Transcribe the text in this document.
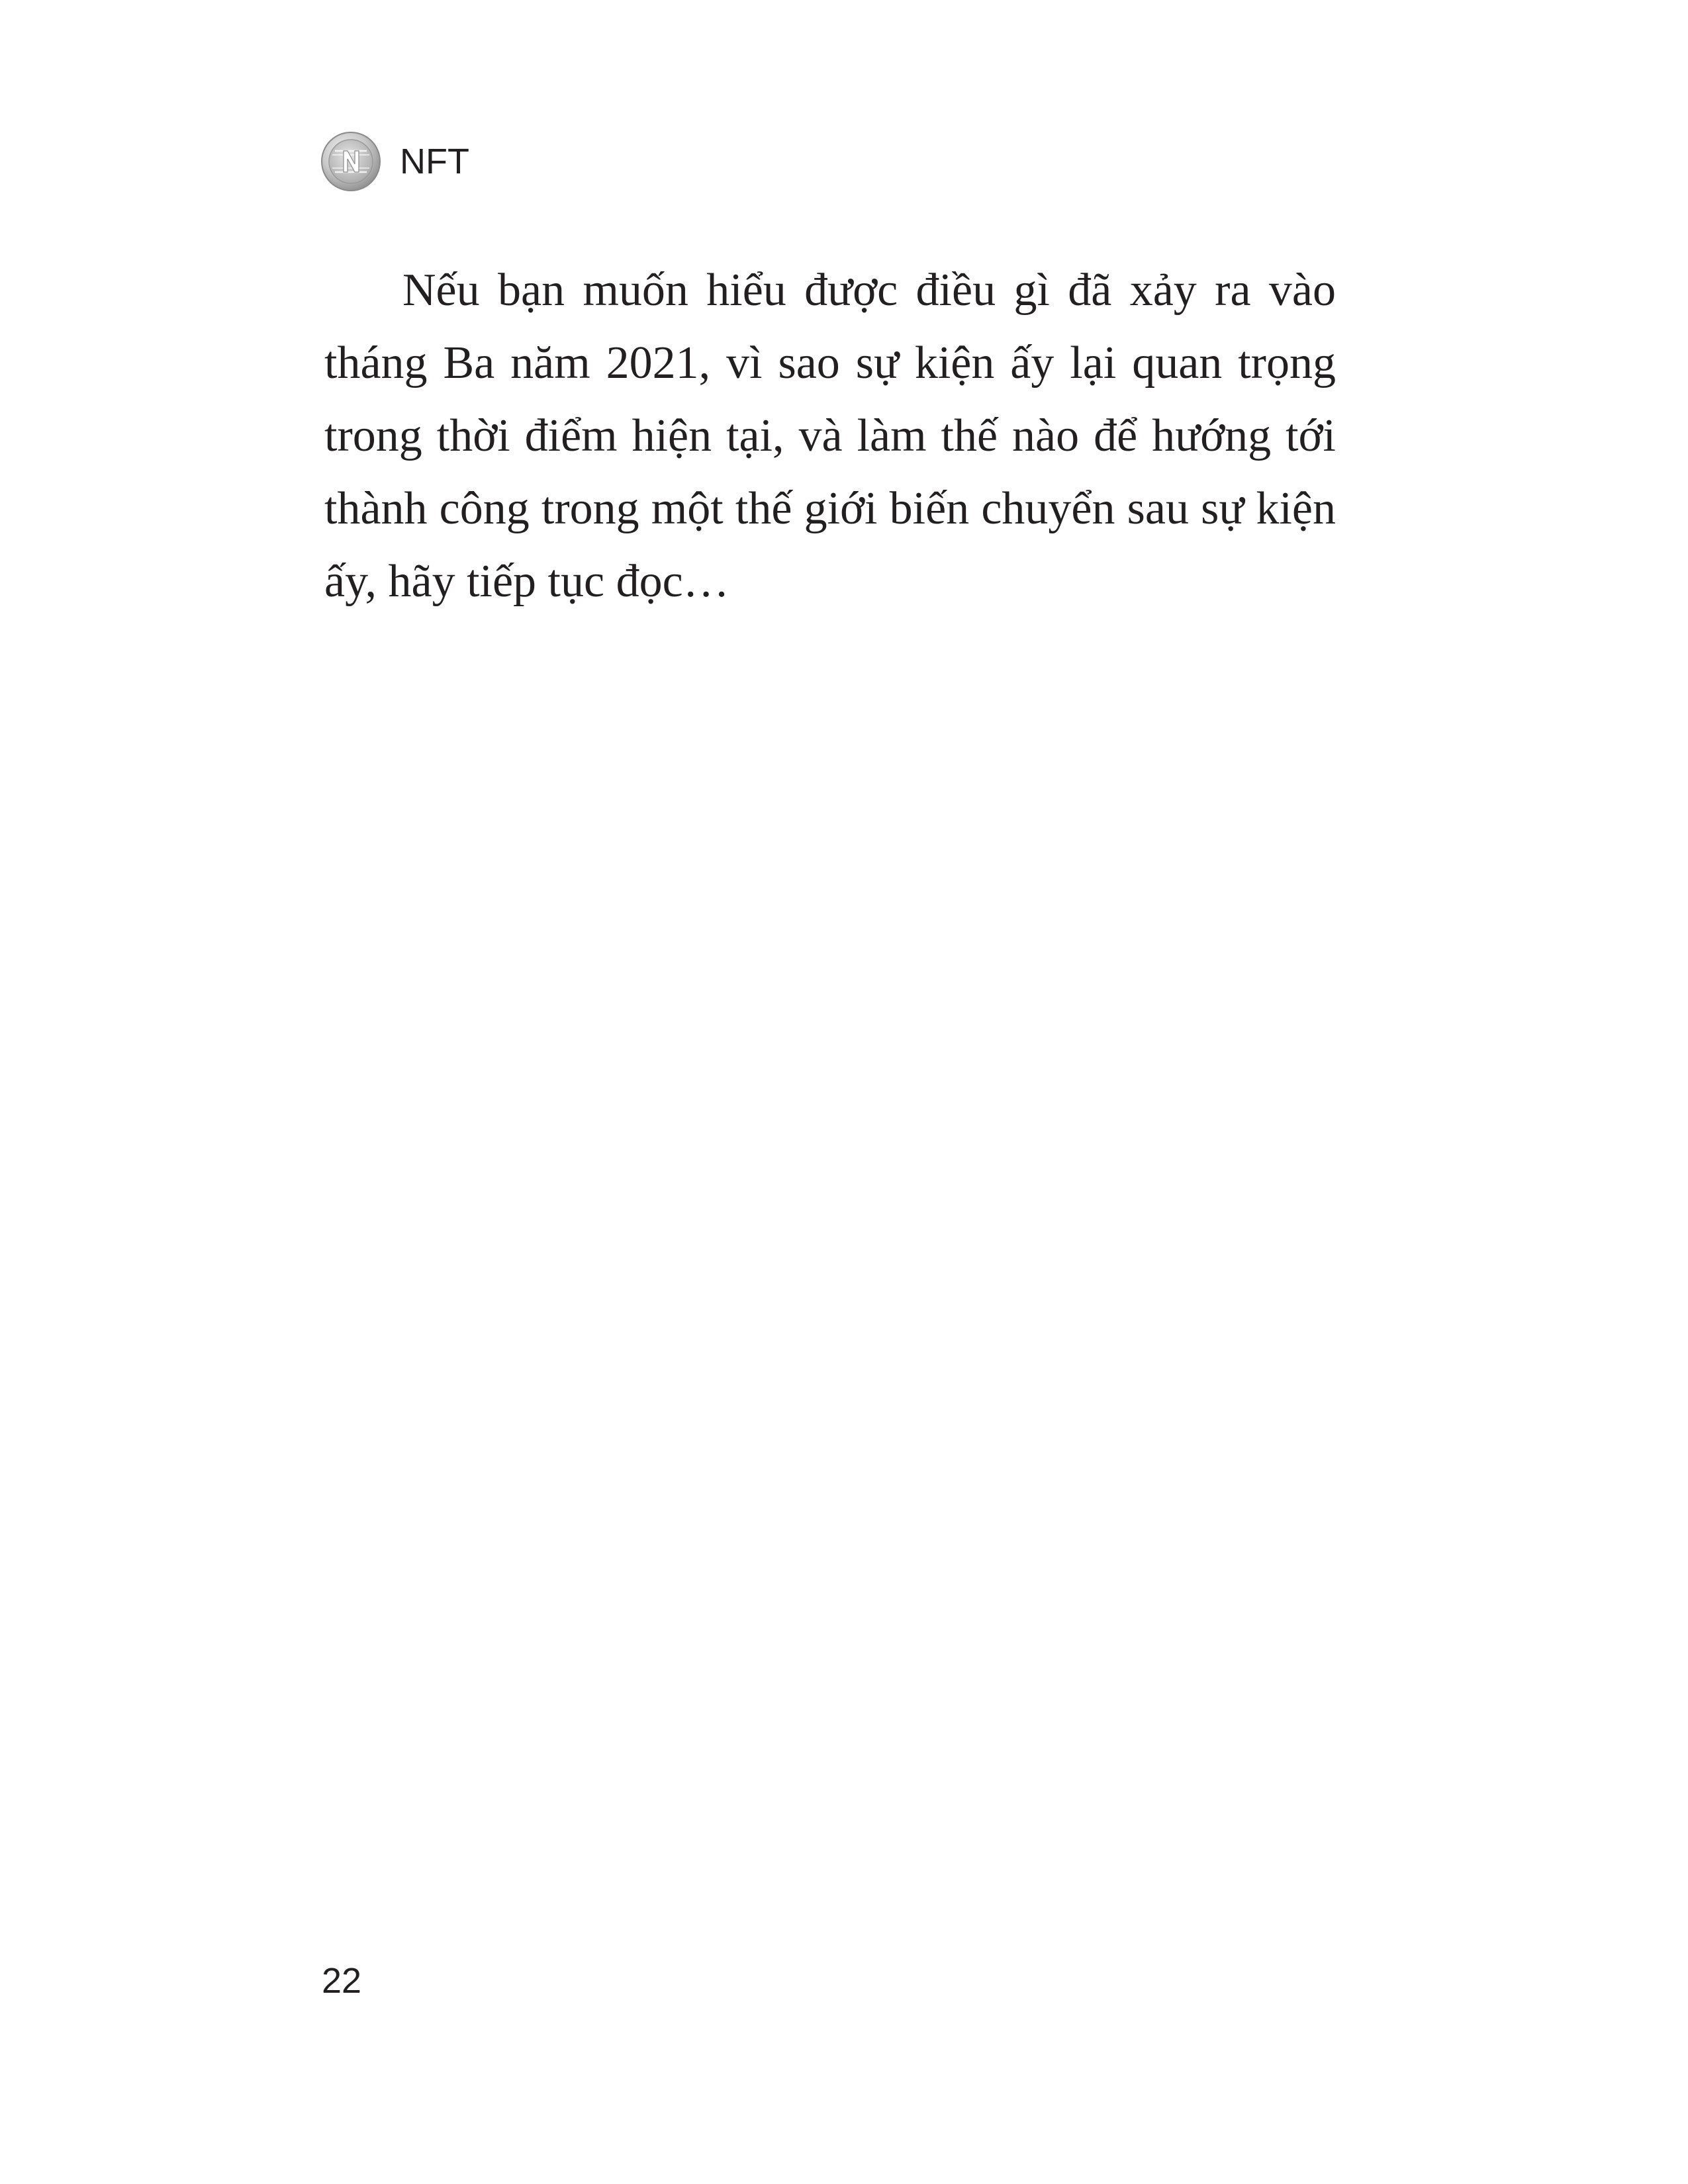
NFT

Nếu bạn muốn hiểu được điều gì đã xảy ra vào tháng Ba năm 2021, vì sao sự kiện ấy lại quan trọng trong thời điểm hiện tại, và làm thế nào để hướng tới thành công trong một thế giới biến chuyển sau sự kiện ấy, hãy tiếp tục đọc…

22
